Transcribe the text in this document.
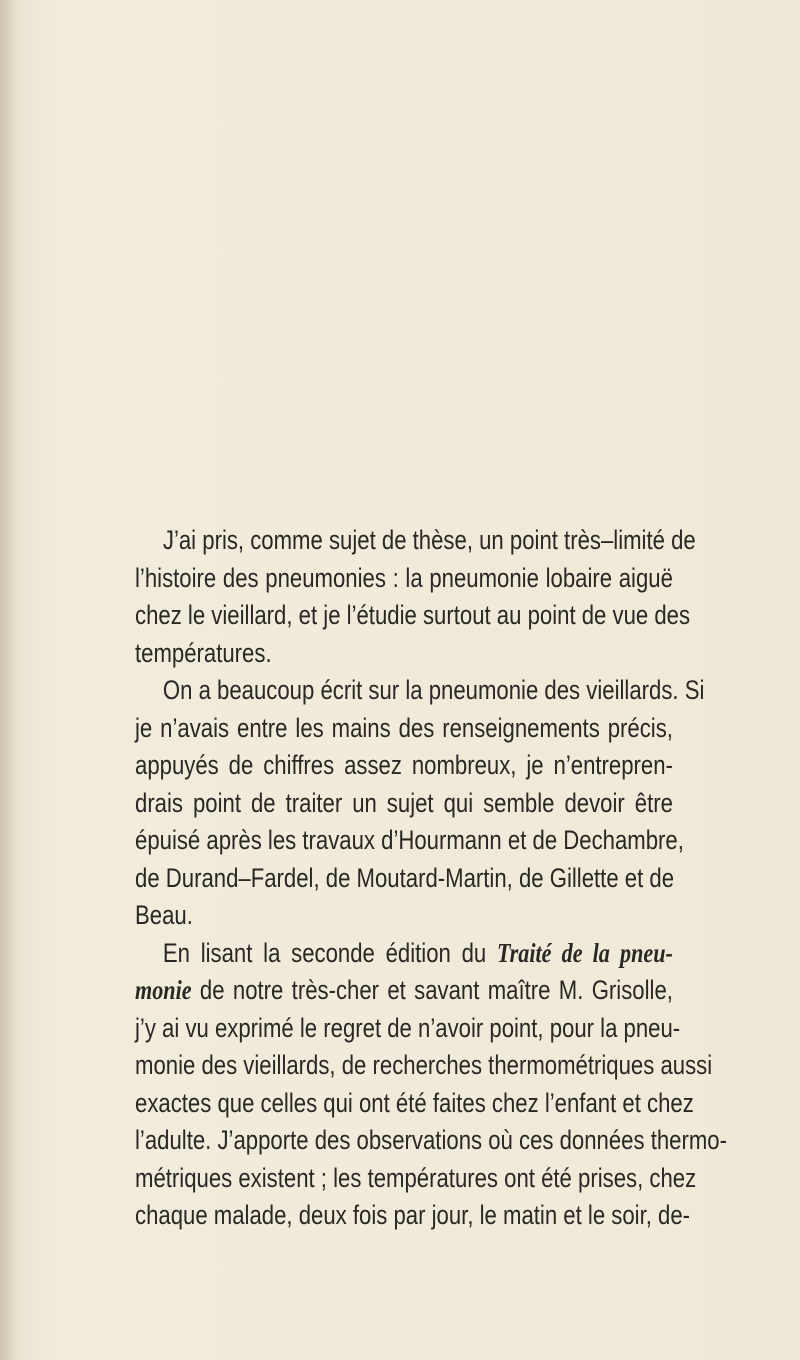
J’ai pris, comme sujet de thèse, un point très–limité de
l’histoire des pneumonies : la pneumonie lobaire aiguë
chez le vieillard, et je l’étudie surtout au point de vue des
températures.
On a beaucoup écrit sur la pneumonie des vieillards. Si
je n’avais entre les mains des renseignements précis,
appuyés de chiffres assez nombreux, je n’entrepren-
drais point de traiter un sujet qui semble devoir être
épuisé après les travaux d’Hourmann et de Dechambre,
de Durand–Fardel, de Moutard-Martin, de Gillette et de
Beau.
En lisant la seconde édition du Traité de la pneu-
monie de notre très-cher et savant maître M. Grisolle,
j’y ai vu exprimé le regret de n’avoir point, pour la pneu-
monie des vieillards, de recherches thermométriques aussi
exactes que celles qui ont été faites chez l’enfant et chez
l’adulte. J’apporte des observations où ces données thermo-
métriques existent ; les températures ont été prises, chez
chaque malade, deux fois par jour, le matin et le soir, de-
